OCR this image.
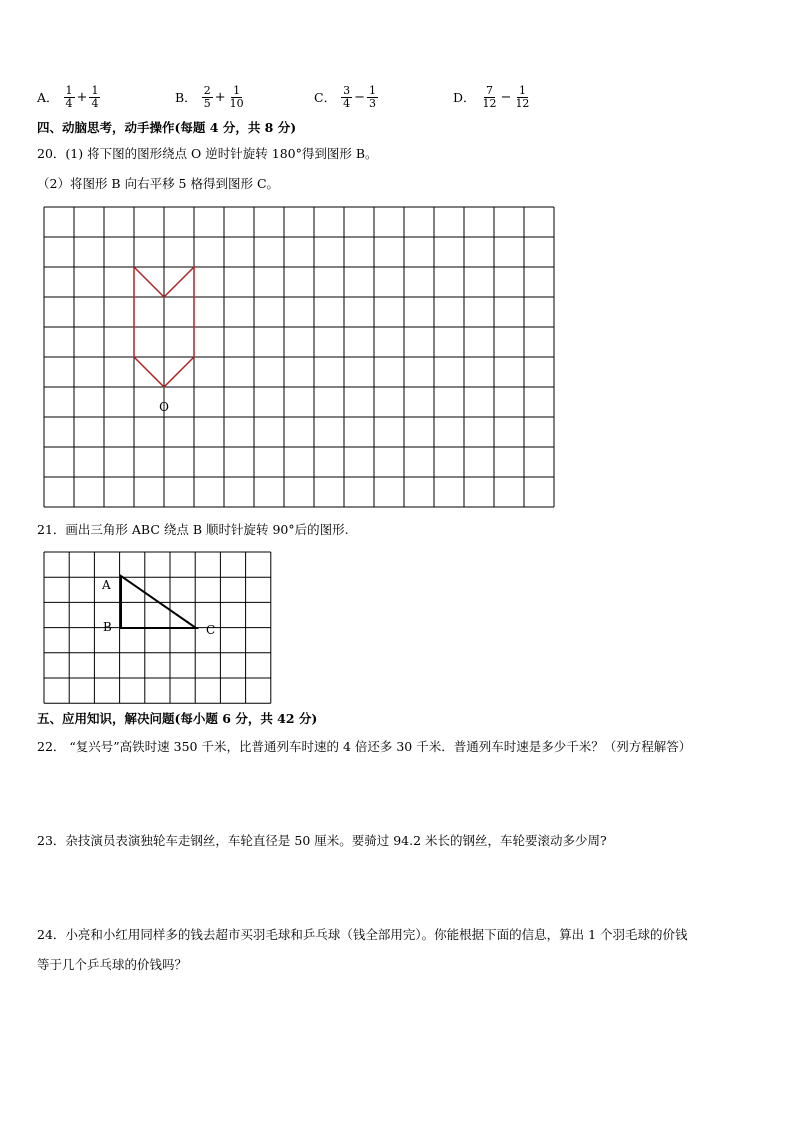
A． $\frac{1}{4} + \frac{1}{4}$	B． $\frac{2}{5} + \frac{1}{10}$	C． $\frac{3}{4} - \frac{1}{3}$	D． $\frac{7}{12} - \frac{1}{12}$
四、动脑思考，动手操作(每题 4 分，共 8 分)
20．(1) 将下图的图形绕点 O 逆时针旋转 180°得到图形 B。
（2）将图形 B 向右平移 5 格得到图形 C。
O
21．画出三角形 ABC 绕点 B 顺时针旋转 90°后的图形.
A
B	C
五、应用知识，解决问题(每小题 6 分，共 42 分)
22． “复兴号”高铁时速 350 千米，比普通列车时速的 4 倍还多 30 千米．普通列车时速是多少千米？（列方程解答）
23．杂技演员表演独轮车走钢丝，车轮直径是 50 厘米。要骑过 94.2 米长的钢丝，车轮要滚动多少周?
24．小亮和小红用同样多的钱去超市买羽毛球和乒乓球（钱全部用完）。你能根据下面的信息，算出 1 个羽毛球的价钱
等于几个乒乓球的价钱吗？
